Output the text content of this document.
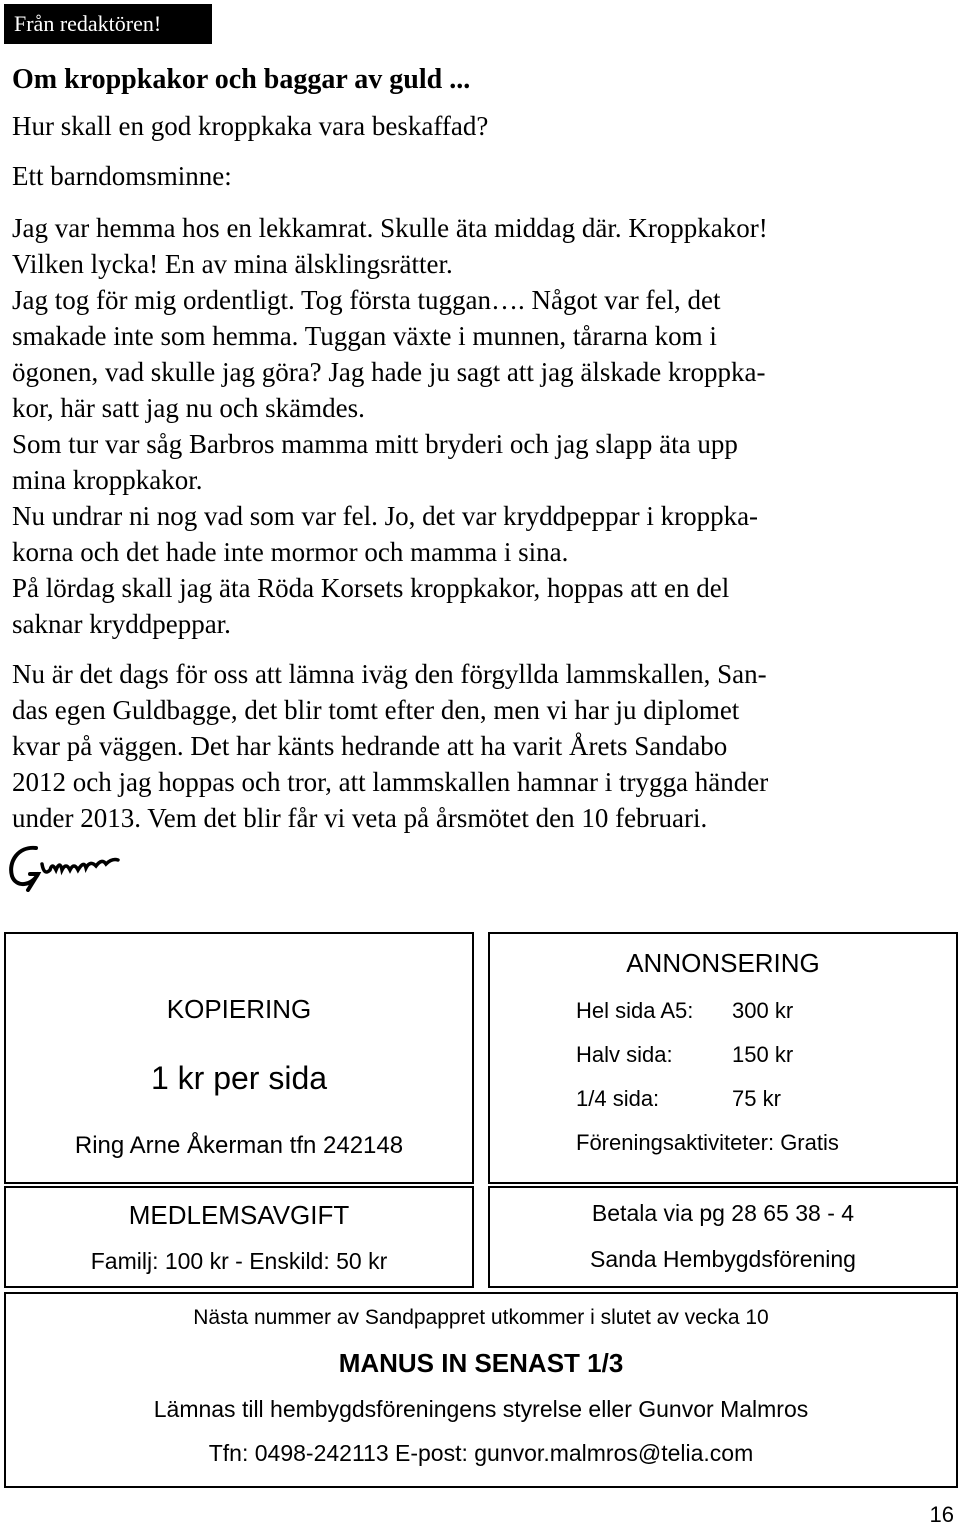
Från redaktören!
Om kroppkakor och baggar av guld ...

Hur skall en god kroppkaka vara beskaffad?

Ett barndomsminne:

Jag var hemma hos en lekkamrat. Skulle äta middag där. Kroppkakor!
Vilken lycka! En av mina älsklingsrätter.
Jag tog för mig ordentligt. Tog första tuggan…. Något var fel, det
smakade inte som hemma. Tuggan växte i munnen, tårarna kom i
ögonen, vad skulle jag göra? Jag hade ju sagt att jag älskade kroppka-
kor, här satt jag nu och skämdes.
Som tur var såg Barbros mamma mitt bryderi och jag slapp äta upp
mina kroppkakor.
Nu undrar ni nog vad som var fel. Jo, det var kryddpeppar i kroppka-
korna och det hade inte mormor och mamma i sina.
På lördag skall jag äta Röda Korsets kroppkakor, hoppas att en del
saknar kryddpeppar.
Nu är det dags för oss att lämna iväg den förgyllda lammskallen, San-
das egen Guldbagge, det blir tomt efter den, men vi har ju diplomet
kvar på väggen. Det har känts hedrande att ha varit Årets Sandabo
2012 och jag hoppas och tror, att lammskallen hamnar i trygga händer
under 2013. Vem det blir får vi veta på årsmötet den 10 februari.
KOPIERING
1 kr per sida
Ring Arne Åkerman tfn 242148
ANNONSERING
Hel sida A5: 300 kr
Halv sida:	150 kr
1/4 sida:	75 kr
Föreningsaktiviteter: Gratis
MEDLEMSAVGIFT
Familj: 100 kr - Enskild: 50 kr
Betala via pg 28 65 38 - 4
Sanda Hembygdsförening
Nästa nummer av Sandpappret utkommer i slutet av vecka 10
MANUS IN SENAST 1/3
Lämnas till hembygdsföreningens styrelse eller Gunvor Malmros
Tfn: 0498-242113 E-post: gunvor.malmros@telia.com
16
